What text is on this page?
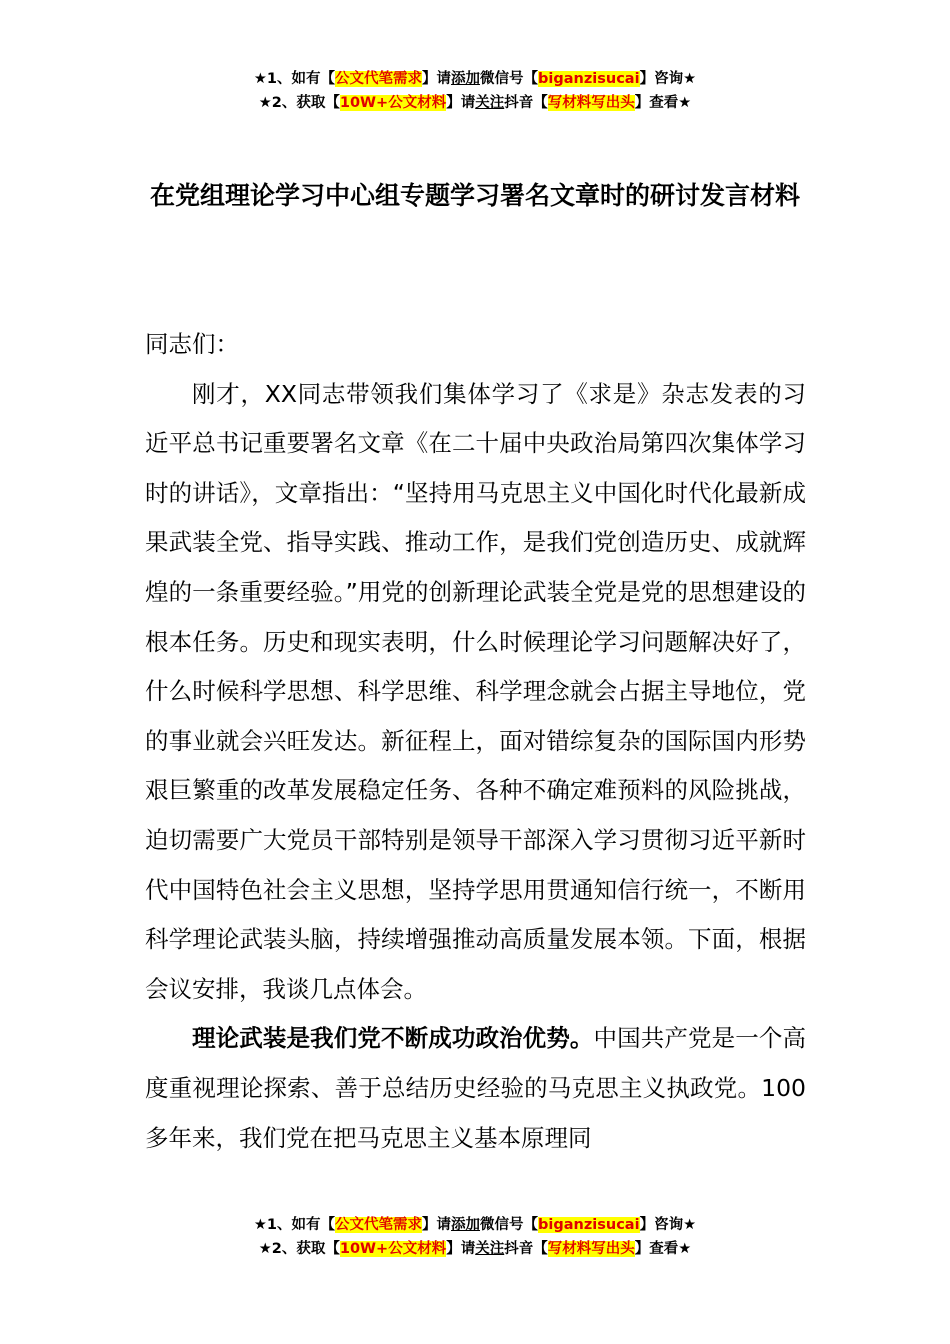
★1、如有【公文代笔需求】请添加微信号【biganzisucai】咨询★
★2、获取【10W+公文材料】请关注抖音【写材料写出头】查看★
在党组理论学习中心组专题学习署名文章时的研讨发言材料

同志们：

刚才，XX同志带领我们集体学习了《求是》杂志发表的习近平总书记重要署名文章《在二十届中央政治局第四次集体学习时的讲话》，文章指出：“坚持用马克思主义中国化时代化最新成果武装全党、指导实践、推动工作，是我们党创造历史、成就辉煌的一条重要经验。”用党的创新理论武装全党是党的思想建设的根本任务。历史和现实表明，什么时候理论学习问题解决好了，什么时候科学思想、科学思维、科学理念就会占据主导地位，党的事业就会兴旺发达。新征程上，面对错综复杂的国际国内形势艰巨繁重的改革发展稳定任务、各种不确定难预料的风险挑战，迫切需要广大党员干部特别是领导干部深入学习贯彻习近平新时代中国特色社会主义思想，坚持学思用贯通知信行统一，不断用科学理论武装头脑，持续增强推动高质量发展本领。下面，根据会议安排，我谈几点体会。

理论武装是我们党不断成功政治优势。中国共产党是一个高度重视理论探索、善于总结历史经验的马克思主义执政党。100多年来，我们党在把马克思主义基本原理同

★1、如有【公文代笔需求】请添加微信号【biganzisucai】咨询★
★2、获取【10W+公文材料】请关注抖音【写材料写出头】查看★
